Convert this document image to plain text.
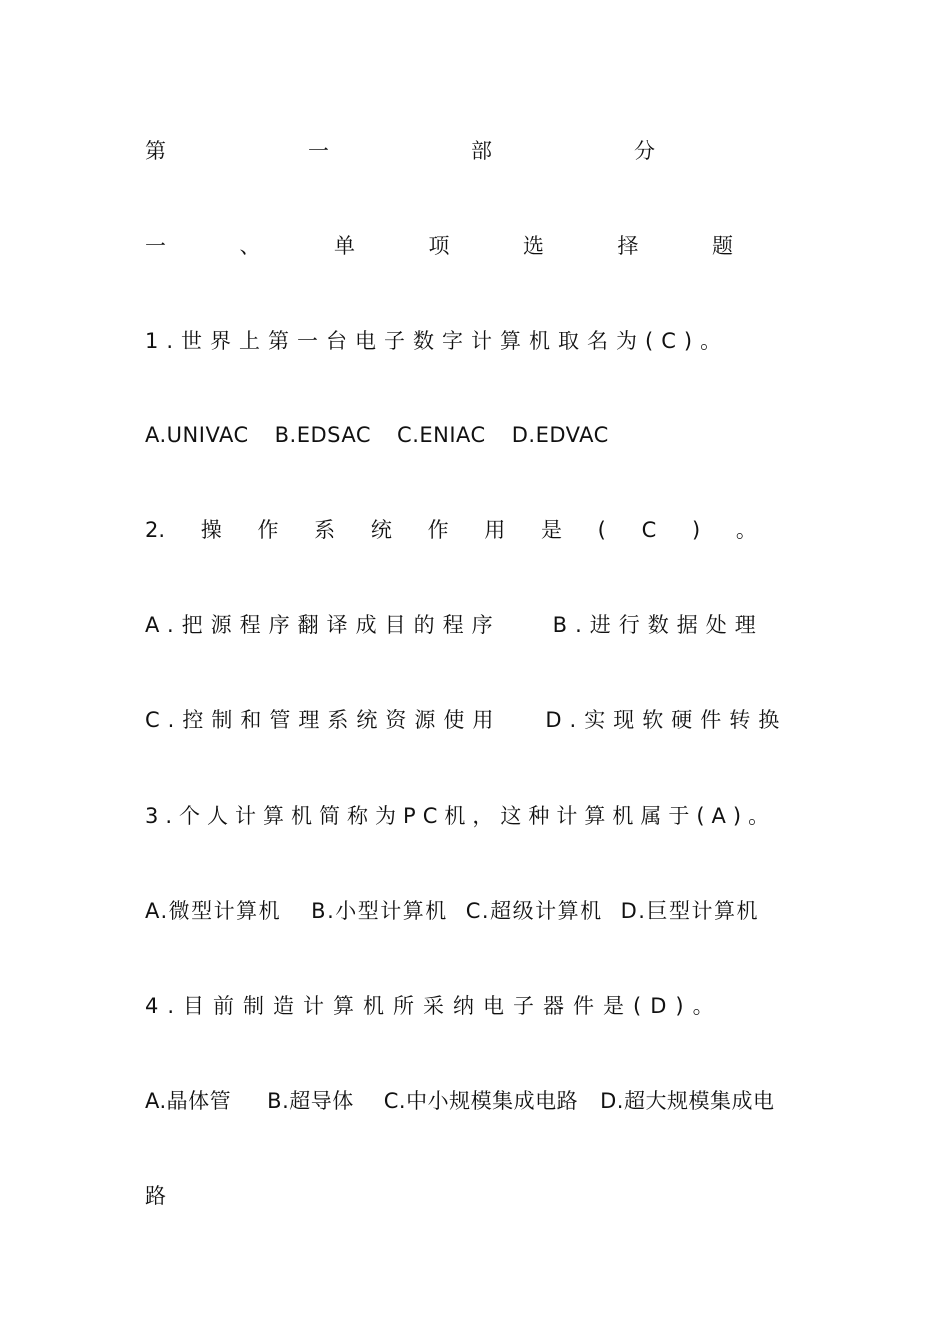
第	一	部	分
一	、	单	项	选	择	题
1.世界上第一台电子数字计算机取名为(C)。
A.UNIVAC B.EDSAC C.ENIAC D.EDVAC
2. 操 作 系 统 作 用 是 ( C ) 。
A.把源程序翻译成目的程序 B.进行数据处理
C.控制和管理系统资源使用 D.实现软硬件转换
3.个人计算机简称为PC机，这种计算机属于(A)。
A.微型计算机 B.小型计算机 C.超级计算机 D.巨型计算机
4.目前制造计算机所采纳电子器件是(D)。
A.晶体管 B.超导体 C.中小规模集成电路 D.超大规模集成电
路
